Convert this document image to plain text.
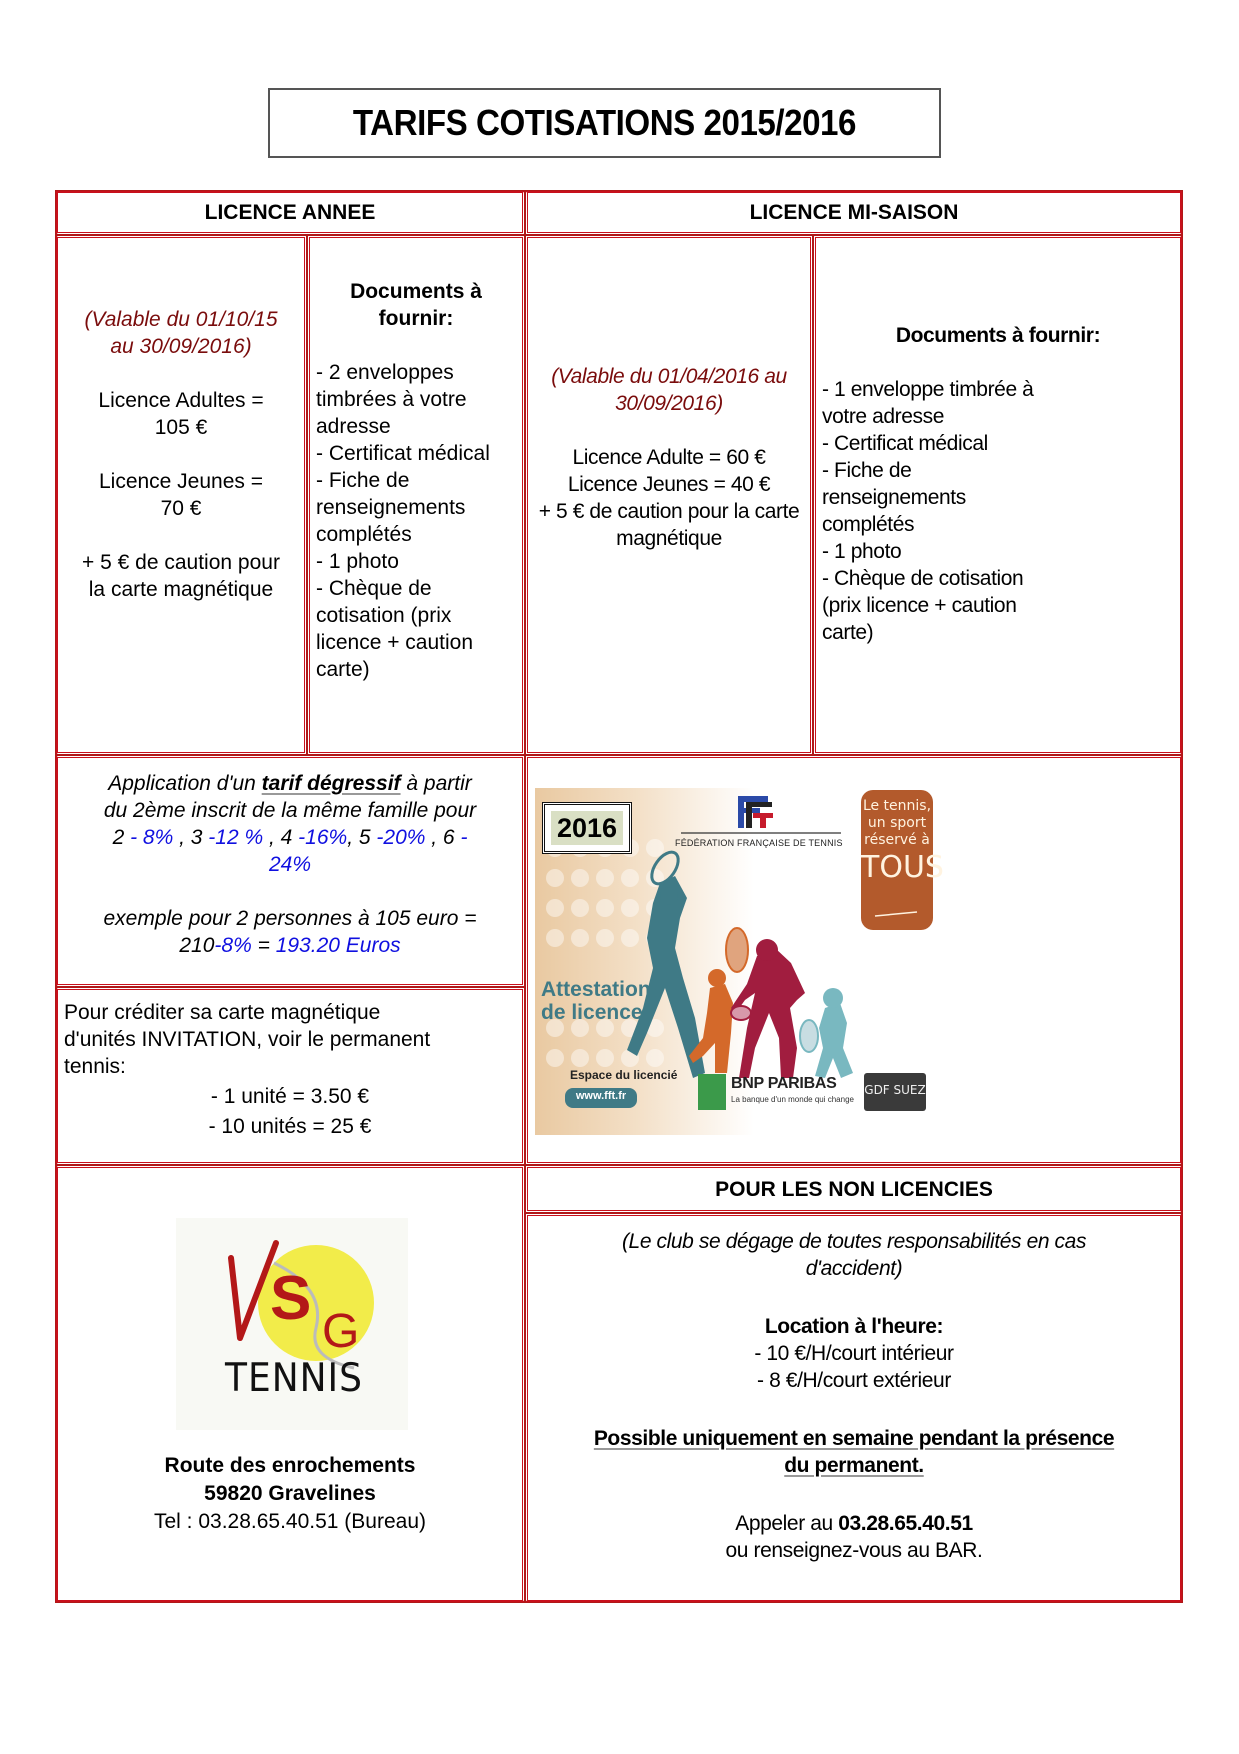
TARIFS COTISATIONS 2015/2016
LICENCE ANNEE	LICENCE MI-SAISON
(Valable du 01/10/15
au 30/09/2016)
Licence Adultes =
105 €
Licence Jeunes =
70 €
+ 5 € de caution pour
la carte magnétique
Documents à
fournir:
- 2 enveloppes
timbrées à votre
adresse
- Certificat médical
- Fiche de
renseignements
complétés
- 1 photo
- Chèque de
cotisation (prix
licence + caution
carte)
(Valable du 01/04/2016 au
30/09/2016)
Licence Adulte = 60 €
Licence Jeunes = 40 €
+ 5 € de caution pour la carte
magnétique
Documents à fournir:
- 1 enveloppe timbrée à
votre adresse
- Certificat médical
- Fiche de
renseignements
complétés
- 1 photo
- Chèque de cotisation
(prix licence + caution
carte)
Application d'un tarif dégressif à partir
du 2ème inscrit de la même famille pour
2 - 8% , 3 -12 % , 4 -16%, 5 -20% , 6 -
24%
exemple pour 2 personnes à 105 euro =
210-8% = 193.20 Euros
Pour créditer sa carte magnétique
d'unités INVITATION, voir le permanent
tennis:
- 1 unité = 3.50 €
- 10 unités = 25 €
2016	FÉDÉRATION FRANÇAISE DE TENNIS
Le tennis,
un sport
réservé à
TOUS
Attestation
de licence
Espace du licencié
www.fft.fr
BNP PARIBAS
La banque d'un monde qui change
GDF SUEZ
S G
TENNIS
Route des enrochements
59820 Gravelines
Tel : 03.28.65.40.51 (Bureau)
POUR LES NON LICENCIES
(Le club se dégage de toutes responsabilités en cas
d'accident)
Location à l'heure:
- 10 €/H/court intérieur
- 8 €/H/court extérieur
Possible uniquement en semaine pendant la présence
du permanent.
Appeler au 03.28.65.40.51
ou renseignez-vous au BAR.
